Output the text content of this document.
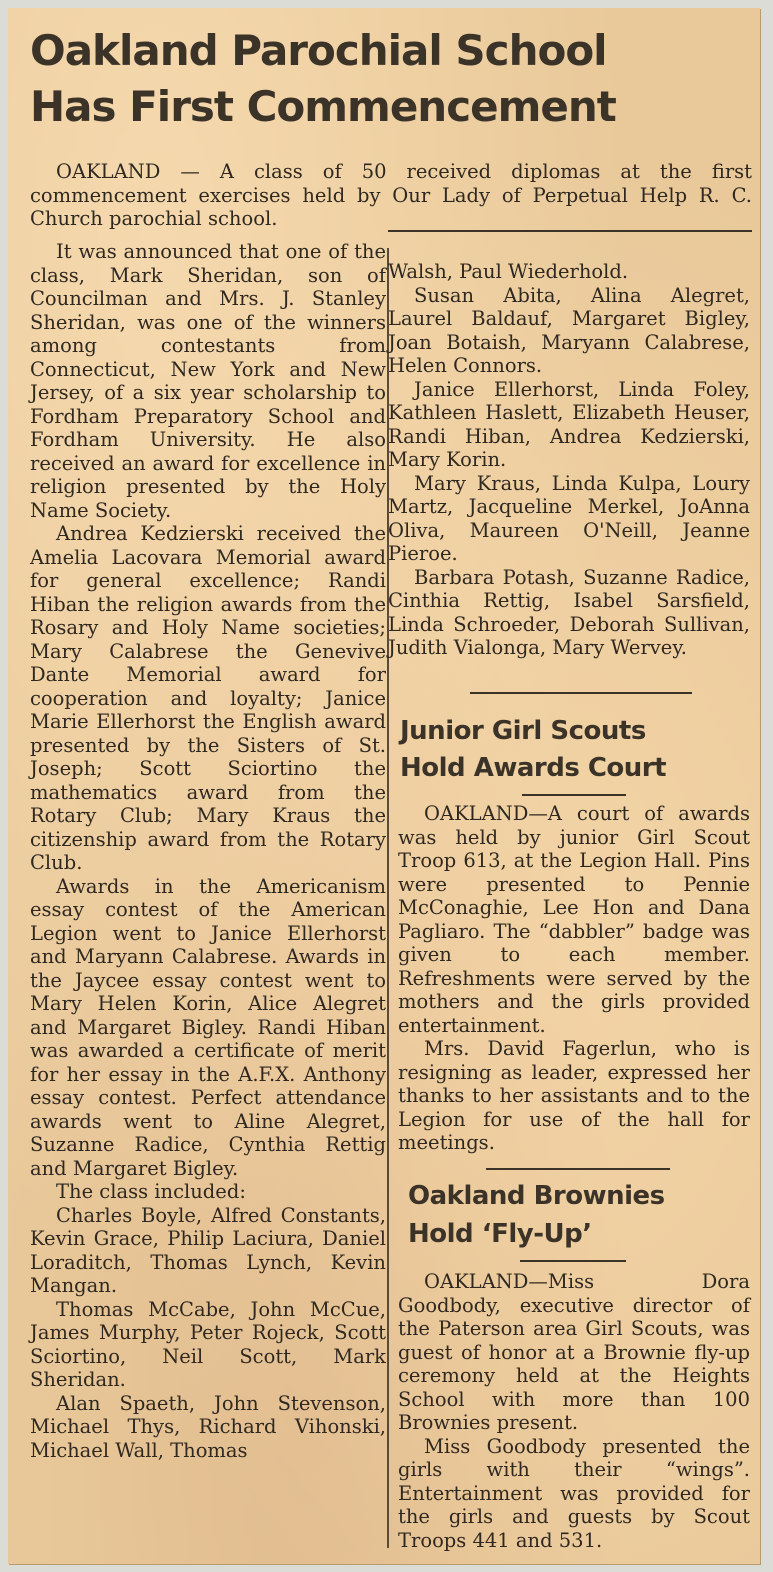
Oakland Parochial School
Has First Commencement

OAKLAND — A class of 50 received diplomas at the first commencement exercises held by Our Lady of Perpetual Help R. C. Church parochial school.

It was announced that one of the class, Mark Sheridan, son of Councilman and Mrs. J. Stanley Sheridan, was one of the winners among contestants from Connecticut, New York and New Jersey, of a six year scholarship to Fordham Preparatory School and Fordham University. He also received an award for excellence in religion presented by the Holy Name Society.

Andrea Kedzierski received the Amelia Lacovara Memorial award for general excellence; Randi Hiban the religion awards from the Rosary and Holy Name societies; Mary Calabrese the Genevive Dante Memorial award for cooperation and loyalty; Janice Marie Ellerhorst the English award presented by the Sisters of St. Joseph; Scott Sciortino the mathematics award from the Rotary Club; Mary Kraus the citizenship award from the Rotary Club.

Awards in the Americanism essay contest of the American Legion went to Janice Ellerhorst and Maryann Calabrese. Awards in the Jaycee essay contest went to Mary Helen Korin, Alice Alegret and Margaret Bigley. Randi Hiban was awarded a certificate of merit for her essay in the A.F.X. Anthony essay contest. Perfect attendance awards went to Aline Alegret, Suzanne Radice, Cynthia Rettig and Margaret Bigley.

The class included:

Charles Boyle, Alfred Constants, Kevin Grace, Philip Laciura, Daniel Loraditch, Thomas Lynch, Kevin Mangan.

Thomas McCabe, John McCue, James Murphy, Peter Rojeck, Scott Sciortino, Neil Scott, Mark Sheridan.

Alan Spaeth, John Stevenson, Michael Thys, Richard Vihonski, Michael Wall, Thomas

Walsh, Paul Wiederhold.

Susan Abita, Alina Alegret, Laurel Baldauf, Margaret Bigley, Joan Botaish, Maryann Calabrese, Helen Connors.

Janice Ellerhorst, Linda Foley, Kathleen Haslett, Elizabeth Heuser, Randi Hiban, Andrea Kedzierski, Mary Korin.

Mary Kraus, Linda Kulpa, Loury Martz, Jacqueline Merkel, JoAnna Oliva, Maureen O'Neill, Jeanne Pieroe.

Barbara Potash, Suzanne Radice, Cinthia Rettig, Isabel Sarsfield, Linda Schroeder, Deborah Sullivan, Judith Vialonga, Mary Wervey.

Junior Girl Scouts
Hold Awards Court

OAKLAND—A court of awards was held by junior Girl Scout Troop 613, at the Legion Hall. Pins were presented to Pennie McConaghie, Lee Hon and Dana Pagliaro. The “dabbler” badge was given to each member. Refreshments were served by the mothers and the girls provided entertainment.

Mrs. David Fagerlun, who is resigning as leader, expressed her thanks to her assistants and to the Legion for use of the hall for meetings.

Oakland Brownies
Hold ‘Fly-Up’

OAKLAND—Miss Dora Goodbody, executive director of the Paterson area Girl Scouts, was guest of honor at a Brownie fly-up ceremony held at the Heights School with more than 100 Brownies present.

Miss Goodbody presented the girls with their “wings”. Entertainment was provided for the girls and guests by Scout Troops 441 and 531.
